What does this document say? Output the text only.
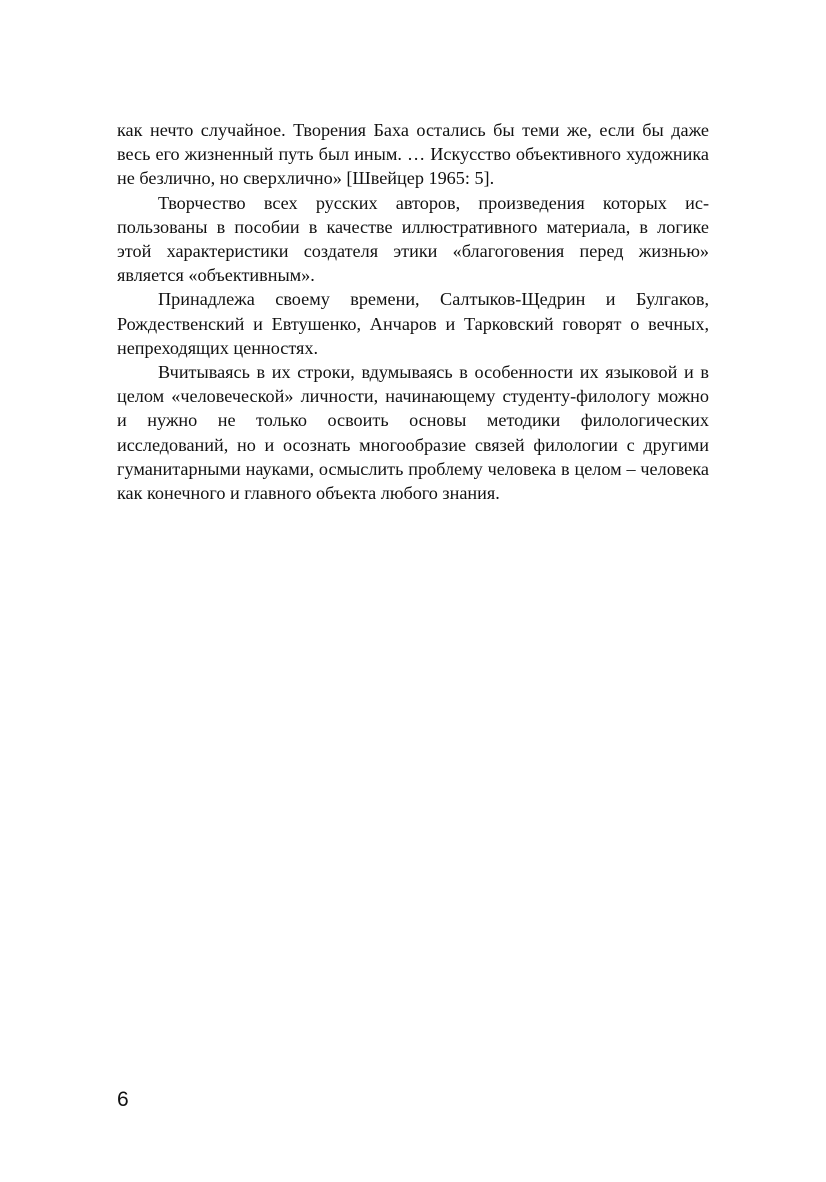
как нечто случайное. Творения Баха остались бы теми же, если бы даже весь его жизненный путь был иным. … Искусство объективного художника не безлично, но сверхлично» [Швейцер 1965: 5].

Творчество всех русских авторов, произведения которых использованы в пособии в качестве иллюстративного материала, в логике этой характеристики создателя этики «благоговения перед жизнью» является «объективным».

Принадлежа своему времени, Салтыков-Щедрин и Булгаков, Рождественский и Евтушенко, Анчаров и Тарковский говорят о вечных, непреходящих ценностях.

Вчитываясь в их строки, вдумываясь в особенности их языковой и в целом «человеческой» личности, начинающему студенту-филологу можно и нужно не только освоить основы методики филологических исследований, но и осознать многообразие связей филологии с другими гуманитарными науками, осмыслить проблему человека в целом – человека как конечного и главного объекта любого знания.

6
